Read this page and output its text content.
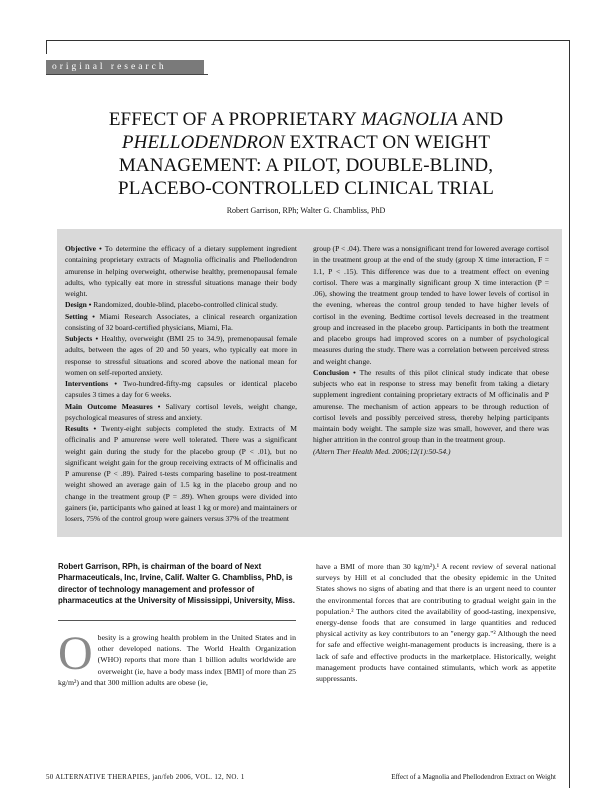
original research
EFFECT OF A PROPRIETARY MAGNOLIA AND
PHELLODENDRON EXTRACT ON WEIGHT
MANAGEMENT: A PILOT, DOUBLE-BLIND,
PLACEBO-CONTROLLED CLINICAL TRIAL
Robert Garrison, RPh; Walter G. Chambliss, PhD

Objective • To determine the efficacy of a dietary supplement ingredient containing proprietary extracts of Magnolia officinalis and Phellodendron amurense in helping overweight, otherwise healthy, premenopausal female adults, who typically eat more in stressful situations manage their body weight.

Design • Randomized, double-blind, placebo-controlled clinical study.

Setting • Miami Research Associates, a clinical research organization consisting of 32 board-certified physicians, Miami, Fla.

Subjects • Healthy, overweight (BMI 25 to 34.9), premenopausal female adults, between the ages of 20 and 50 years, who typically eat more in response to stressful situations and scored above the national mean for women on self-reported anxiety.

Interventions • Two-hundred-fifty-mg capsules or identical placebo capsules 3 times a day for 6 weeks.

Main Outcome Measures • Salivary cortisol levels, weight change, psychological measures of stress and anxiety.

Results • Twenty-eight subjects completed the study. Extracts of M officinalis and P amurense were well tolerated. There was a significant weight gain during the study for the placebo group (P < .01), but no significant weight gain for the group receiving extracts of M officinalis and P amurense (P < .89). Paired t-tests comparing baseline to post-treatment weight showed an average gain of 1.5 kg in the placebo group and no change in the treatment group (P = .89). When groups were divided into gainers (ie, participants who gained at least 1 kg or more) and maintainers or losers, 75% of the control group were gainers versus 37% of the treatment

group (P < .04). There was a nonsignificant trend for lowered average cortisol in the treatment group at the end of the study (group X time interaction, F = 1.1, P < .15). This difference was due to a treatment effect on evening cortisol. There was a marginally significant group X time interaction (P = .06), showing the treatment group tended to have lower levels of cortisol in the evening, whereas the control group tended to have higher levels of cortisol in the evening. Bedtime cortisol levels decreased in the treatment group and increased in the placebo group. Participants in both the treatment and placebo groups had improved scores on a number of psychological measures during the study. There was a correlation between perceived stress and weight change.

Conclusion • The results of this pilot clinical study indicate that obese subjects who eat in response to stress may benefit from taking a dietary supplement ingredient containing proprietary extracts of M officinalis and P amurense. The mechanism of action appears to be through reduction of cortisol levels and possibly perceived stress, thereby helping participants maintain body weight. The sample size was small, however, and there was higher attrition in the control group than in the treatment group.

(Altern Ther Health Med. 2006;12(1):50-54.)

Robert Garrison, RPh, is chairman of the board of Next Pharmaceuticals, Inc, Irvine, Calif. Walter G. Chambliss, PhD, is director of technology management and professor of pharmaceutics at the University of Mississippi, University, Miss.
Obesity is a growing health problem in the United States and in other developed nations. The World Health Organization (WHO) reports that more than 1 billion adults worldwide are overweight (ie, have a body mass index [BMI] of more than 25 kg/m²) and that 300 million adults are obese (ie,
have a BMI of more than 30 kg/m²).¹ A recent review of several national surveys by Hill et al concluded that the obesity epidemic in the United States shows no signs of abating and that there is an urgent need to counter the environmental forces that are contributing to gradual weight gain in the population.² The authors cited the availability of good-tasting, inexpensive, energy-dense foods that are consumed in large quantities and reduced physical activity as key contributors to an "energy gap."² Although the need for safe and effective weight-management products is increasing, there is a lack of safe and effective products in the marketplace. Historically, weight management products have contained stimulants, which work as appetite suppressants.
50 ALTERNATIVE THERAPIES, jan/feb 2006, VOL. 12, NO. 1	Effect of a Magnolia and Phellodendron Extract on Weight
